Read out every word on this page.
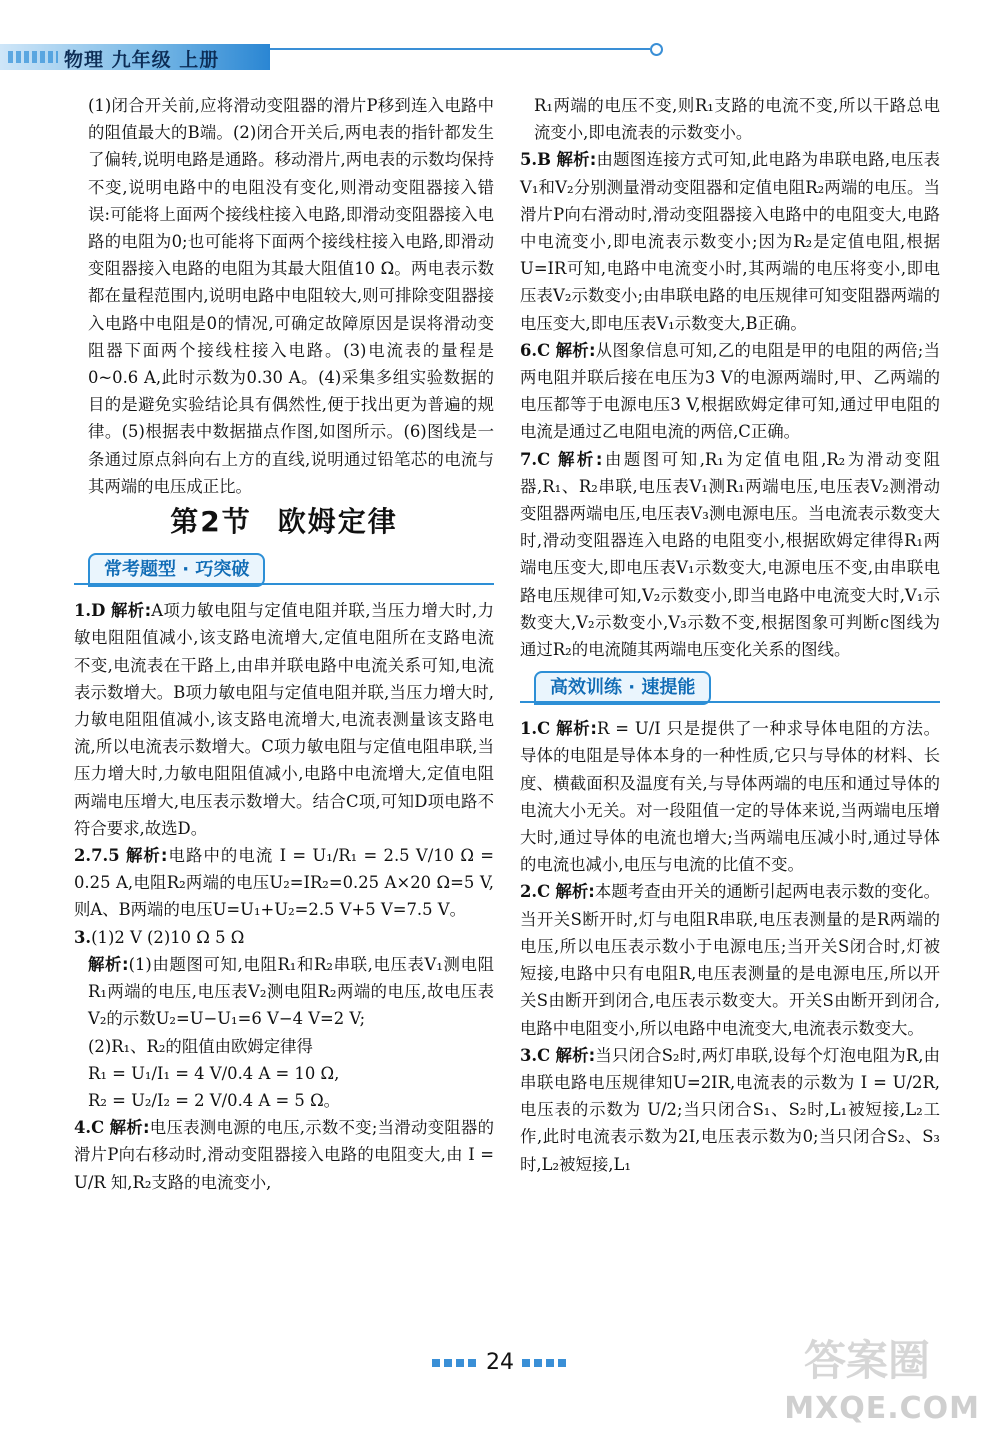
物理 九年级 上册

(1)闭合开关前,应将滑动变阻器的滑片P移到连入电路中的阻值最大的B端。(2)闭合开关后,两电表的指针都发生了偏转,说明电路是通路。移动滑片,两电表的示数均保持不变,说明电路中的电阻没有变化,则滑动变阻器接入错误:可能将上面两个接线柱接入电路,即滑动变阻器接入电路的电阻为0;也可能将下面两个接线柱接入电路,即滑动变阻器接入电路的电阻为其最大阻值10 Ω。两电表示数都在量程范围内,说明电路中电阻较大,则可排除变阻器接入电路中电阻是0的情况,可确定故障原因是误将滑动变阻器下面两个接线柱接入电路。(3)电流表的量程是0~0.6 A,此时示数为0.30 A。(4)采集多组实验数据的目的是避免实验结论具有偶然性,便于找出更为普遍的规律。(5)根据表中数据描点作图,如图所示。(6)图线是一条通过原点斜向右上方的直线,说明通过铅笔芯的电流与其两端的电压成正比。

第2节 欧姆定律
常考题型 · 巧突破

1.D 解析:A项力敏电阻与定值电阻并联,当压力增大时,力敏电阻阻值减小,该支路电流增大,定值电阻所在支路电流不变,电流表在干路上,由串并联电路中电流关系可知,电流表示数增大。B项力敏电阻与定值电阻并联,当压力增大时,力敏电阻阻值减小,该支路电流增大,电流表测量该支路电流,所以电流表示数增大。C项力敏电阻与定值电阻串联,当压力增大时,力敏电阻阻值减小,电路中电流增大,定值电阻两端电压增大,电压表示数增大。结合C项,可知D项电路不符合要求,故选D。

2.7.5 解析:电路中的电流 I = U₁/R₁ = 2.5 V/10 Ω = 0.25 A,电阻R₂两端的电压U₂=IR₂=0.25 A×20 Ω=5 V,则A、B两端的电压U=U₁+U₂=2.5 V+5 V=7.5 V。

3.(1)2 V (2)10 Ω 5 Ω

解析:(1)由题图可知,电阻R₁和R₂串联,电压表V₁测电阻R₁两端的电压,电压表V₂测电阻R₂两端的电压,故电压表V₂的示数U₂=U−U₁=6 V−4 V=2 V;

(2)R₁、R₂的阻值由欧姆定律得

R₁ = U₁/I₁ = 4 V/0.4 A = 10 Ω,

R₂ = U₂/I₂ = 2 V/0.4 A = 5 Ω。

4.C 解析:电压表测电源的电压,示数不变;当滑动变阻器的滑片P向右移动时,滑动变阻器接入电路的电阻变大,由 I = U/R 知,R₂支路的电流变小,

R₁两端的电压不变,则R₁支路的电流不变,所以干路总电流变小,即电流表的示数变小。

5.B 解析:由题图连接方式可知,此电路为串联电路,电压表V₁和V₂分别测量滑动变阻器和定值电阻R₂两端的电压。当滑片P向右滑动时,滑动变阻器接入电路中的电阻变大,电路中电流变小,即电流表示数变小;因为R₂是定值电阻,根据U=IR可知,电路中电流变小时,其两端的电压将变小,即电压表V₂示数变小;由串联电路的电压规律可知变阻器两端的电压变大,即电压表V₁示数变大,B正确。

6.C 解析:从图象信息可知,乙的电阻是甲的电阻的两倍;当两电阻并联后接在电压为3 V的电源两端时,甲、乙两端的电压都等于电源电压3 V,根据欧姆定律可知,通过甲电阻的电流是通过乙电阻电流的两倍,C正确。

7.C 解析:由题图可知,R₁为定值电阻,R₂为滑动变阻器,R₁、R₂串联,电压表V₁测R₁两端电压,电压表V₂测滑动变阻器两端电压,电压表V₃测电源电压。当电流表示数变大时,滑动变阻器连入电路的电阻变小,根据欧姆定律得R₁两端电压变大,即电压表V₁示数变大,电源电压不变,由串联电路电压规律可知,V₂示数变小,即当电路中电流变大时,V₁示数变大,V₂示数变小,V₃示数不变,根据图象可判断c图线为通过R₂的电流随其两端电压变化关系的图线。

高效训练 · 速提能

1.C 解析:R = U/I 只是提供了一种求导体电阻的方法。导体的电阻是导体本身的一种性质,它只与导体的材料、长度、横截面积及温度有关,与导体两端的电压和通过导体的电流大小无关。对一段阻值一定的导体来说,当两端电压增大时,通过导体的电流也增大;当两端电压减小时,通过导体的电流也减小,电压与电流的比值不变。

2.C 解析:本题考查由开关的通断引起两电表示数的变化。当开关S断开时,灯与电阻R串联,电压表测量的是R两端的电压,所以电压表示数小于电源电压;当开关S闭合时,灯被短接,电路中只有电阻R,电压表测量的是电源电压,所以开关S由断开到闭合,电压表示数变大。开关S由断开到闭合,电路中电阻变小,所以电路中电流变大,电流表示数变大。

3.C 解析:当只闭合S₂时,两灯串联,设每个灯泡电阻为R,由串联电路电压规律知U=2IR,电流表的示数为 I = U/2R,电压表的示数为 U/2;当只闭合S₁、S₂时,L₁被短接,L₂工作,此时电流表示数为2I,电压表示数为0;当只闭合S₂、S₃时,L₂被短接,L₁

24	答案圈
MXQE.COM
